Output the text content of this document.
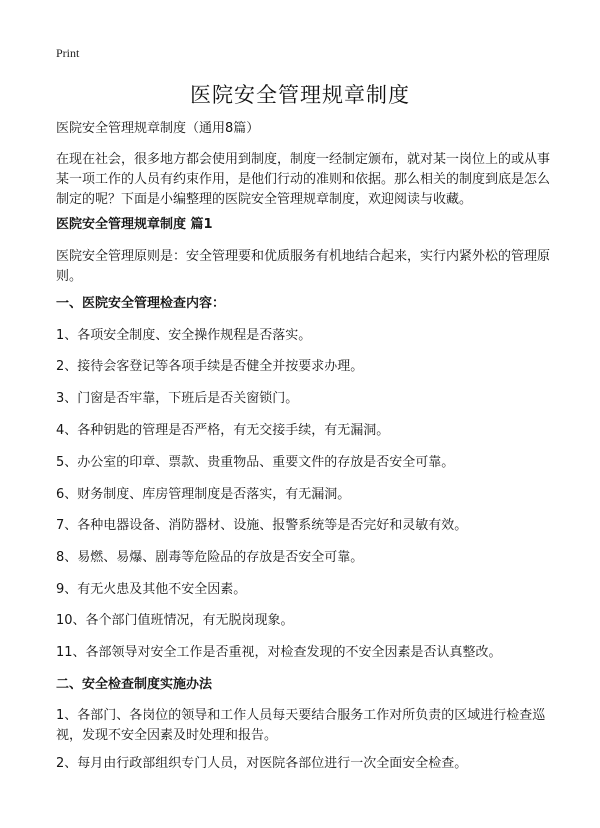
Print
医院安全管理规章制度

医院安全管理规章制度（通用8篇）

在现在社会，很多地方都会使用到制度，制度一经制定颁布，就对某一岗位上的或从事某一项工作的人员有约束作用，是他们行动的准则和依据。那么相关的制度到底是怎么制定的呢？下面是小编整理的医院安全管理规章制度，欢迎阅读与收藏。

医院安全管理规章制度 篇1

医院安全管理原则是：安全管理要和优质服务有机地结合起来，实行内紧外松的管理原则。

一、医院安全管理检查内容：

1、各项安全制度、安全操作规程是否落实。

2、接待会客登记等各项手续是否健全并按要求办理。

3、门窗是否牢靠，下班后是否关窗锁门。

4、各种钥匙的管理是否严格，有无交接手续，有无漏洞。

5、办公室的印章、票款、贵重物品、重要文件的存放是否安全可靠。

6、财务制度、库房管理制度是否落实，有无漏洞。

7、各种电器设备、消防器材、设施、报警系统等是否完好和灵敏有效。

8、易燃、易爆、剧毒等危险品的存放是否安全可靠。

9、有无火患及其他不安全因素。

10、各个部门值班情况，有无脱岗现象。

11、各部领导对安全工作是否重视，对检查发现的不安全因素是否认真整改。

二、安全检查制度实施办法

1、各部门、各岗位的领导和工作人员每天要结合服务工作对所负责的区域进行检查巡视，发现不安全因素及时处理和报告。

2、每月由行政部组织专门人员，对医院各部位进行一次全面安全检查。
